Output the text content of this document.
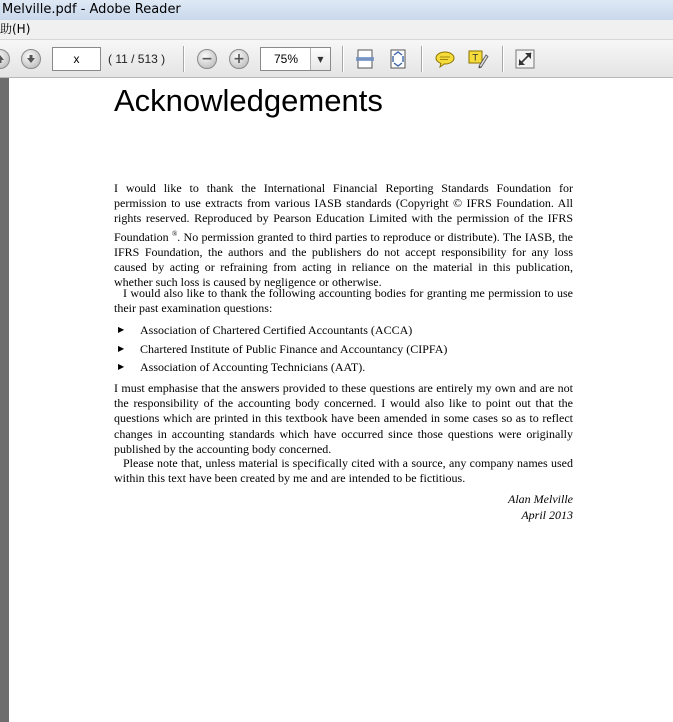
Melville.pdf - Adobe Reader
助(H)
x	( 11 / 513 )	− +	75%	▼	T
Acknowledgements

I would like to thank the International Financial Reporting Standards Foundation for permission to use extracts from various IASB standards (Copyright © IFRS Foundation. All rights reserved. Reproduced by Pearson Education Limited with the permission of the IFRS Foundation ®. No permission granted to third parties to reproduce or distribute). The IASB, the IFRS Foundation, the authors and the publishers do not accept responsibility for any loss caused by acting or refraining from acting in reliance on the material in this publication, whether such loss is caused by negligence or otherwise.

I would also like to thank the following accounting bodies for granting me permission to use their past examination questions:

▶ Association of Chartered Certified Accountants (ACCA)
▶ Chartered Institute of Public Finance and Accountancy (CIPFA)
▶ Association of Accounting Technicians (AAT).

I must emphasise that the answers provided to these questions are entirely my own and are not the responsibility of the accounting body concerned. I would also like to point out that the questions which are printed in this textbook have been amended in some cases so as to reflect changes in accounting standards which have occurred since those questions were originally published by the accounting body concerned.

Please note that, unless material is specifically cited with a source, any company names used within this text have been created by me and are intended to be fictitious.

Alan Melville
April 2013
